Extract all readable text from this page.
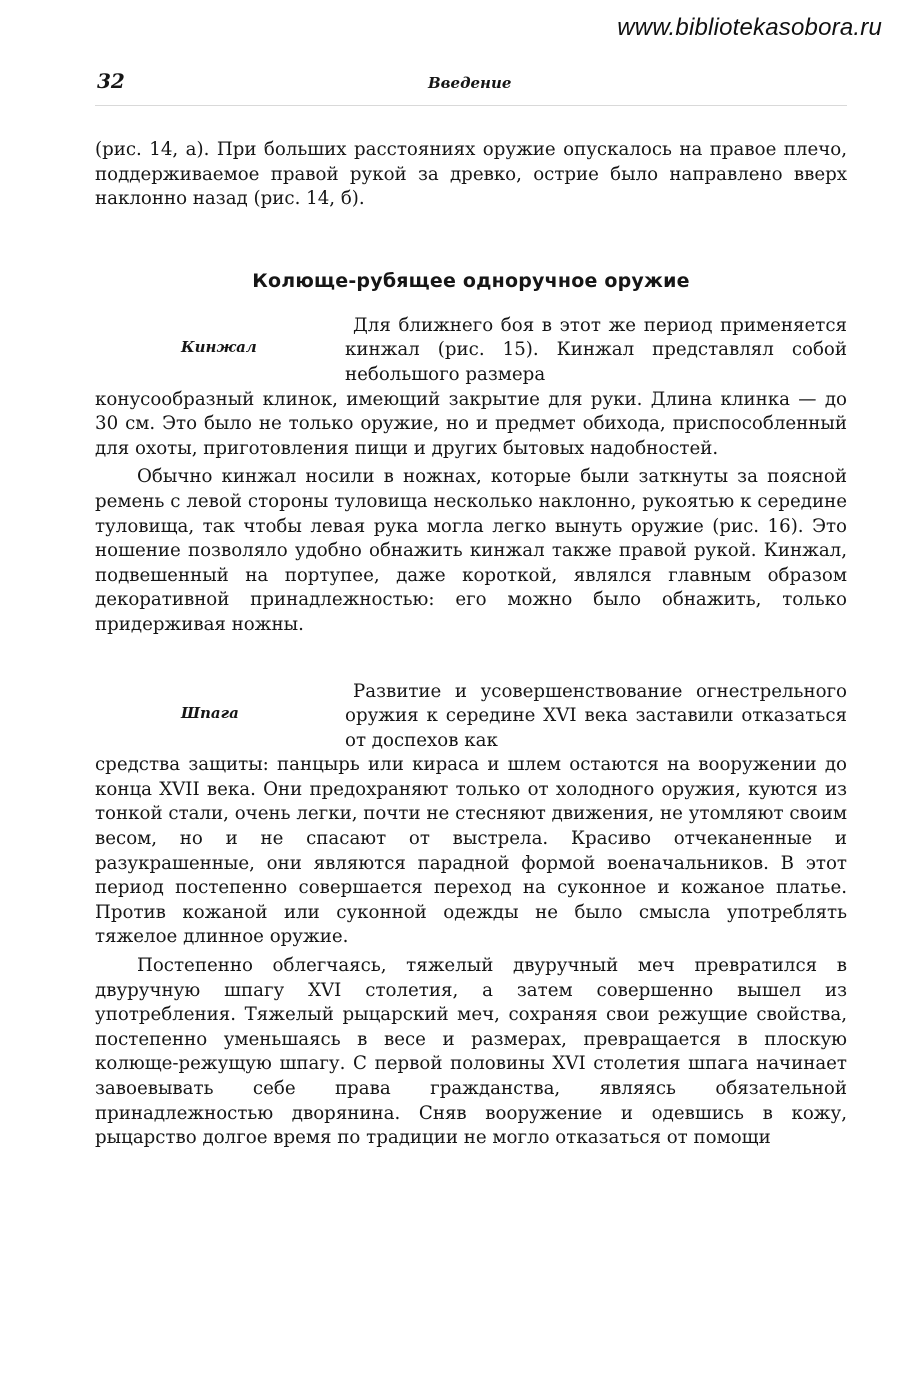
www.bibliotekasobora.ru
32	Введение

(рис. 14, а). При больших расстояниях оружие опускалось на правое плечо, поддерживаемое правой рукой за древко, острие было направлено вверх наклонно назад (рис. 14, б).

Колюще-рубящее одноручное оружие
Кинжал

Для ближнего боя в этот же период применяется кинжал (рис. 15). Кинжал представлял собой небольшого размера

конусообразный клинок, имеющий закрытие для руки. Длина клинка — до 30 см. Это было не только оружие, но и предмет обихода, приспособленный для охоты, приготовления пищи и других бытовых надобностей.

Обычно кинжал носили в ножнах, которые были заткнуты за поясной ремень с левой стороны туловища несколько наклонно, рукоятью к середине туловища, так чтобы левая рука могла легко вынуть оружие (рис. 16). Это ношение позволяло удобно обнажить кинжал также правой рукой. Кинжал, подвешенный на портупее, даже короткой, являлся главным образом декоративной принадлежностью: его можно было обнажить, только придерживая ножны.

Шпага

Развитие и усовершенствование огнестрельного оружия к середине XVI века заставили отказаться от доспехов как

средства защиты: панцырь или кираса и шлем остаются на вооружении до конца XVII века. Они предохраняют только от холодного оружия, куются из тонкой стали, очень легки, почти не стесняют движения, не утомляют своим весом, но и не спасают от выстрела. Красиво отчеканенные и разукрашенные, они являются парадной формой военачальников. В этот период постепенно совершается переход на суконное и кожаное платье. Против кожаной или суконной одежды не было смысла употреблять тяжелое длинное оружие.

Постепенно облегчаясь, тяжелый двуручный меч превратился в двуручную шпагу XVI столетия, а затем совершенно вышел из употребления. Тяжелый рыцарский меч, сохраняя свои режущие свойства, постепенно уменьшаясь в весе и размерах, превращается в плоскую колюще-режущую шпагу. С первой половины XVI столетия шпага начинает завоевывать себе права гражданства, являясь обязательной принадлежностью дворянина. Сняв вооружение и одевшись в кожу, рыцарство долгое время по традиции не могло отказаться от помощи
